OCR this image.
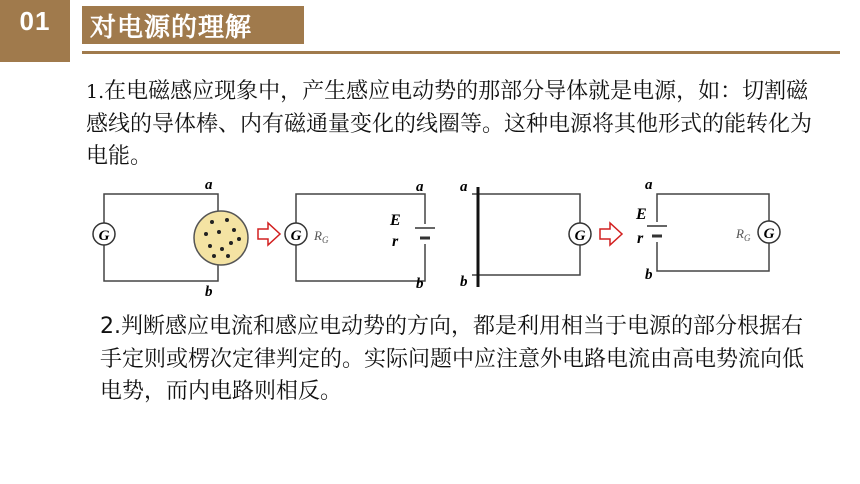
01	对电源的理解
1.在电磁感应现象中，产生感应电动势的那部分导体就是电源，如：切割磁感线的导体棒、内有磁通量变化的线圈等。这种电源将其他形式的能转化为电能。
G
a
b
G $R_G$
E
r
a
b
G
a
b
E
r	G
$R_G$
a
b
2.判断感应电流和感应电动势的方向，都是利用相当于电源的部分根据右手定则或楞次定律判定的。实际问题中应注意外电路电流由高电势流向低电势，而内电路则相反。
